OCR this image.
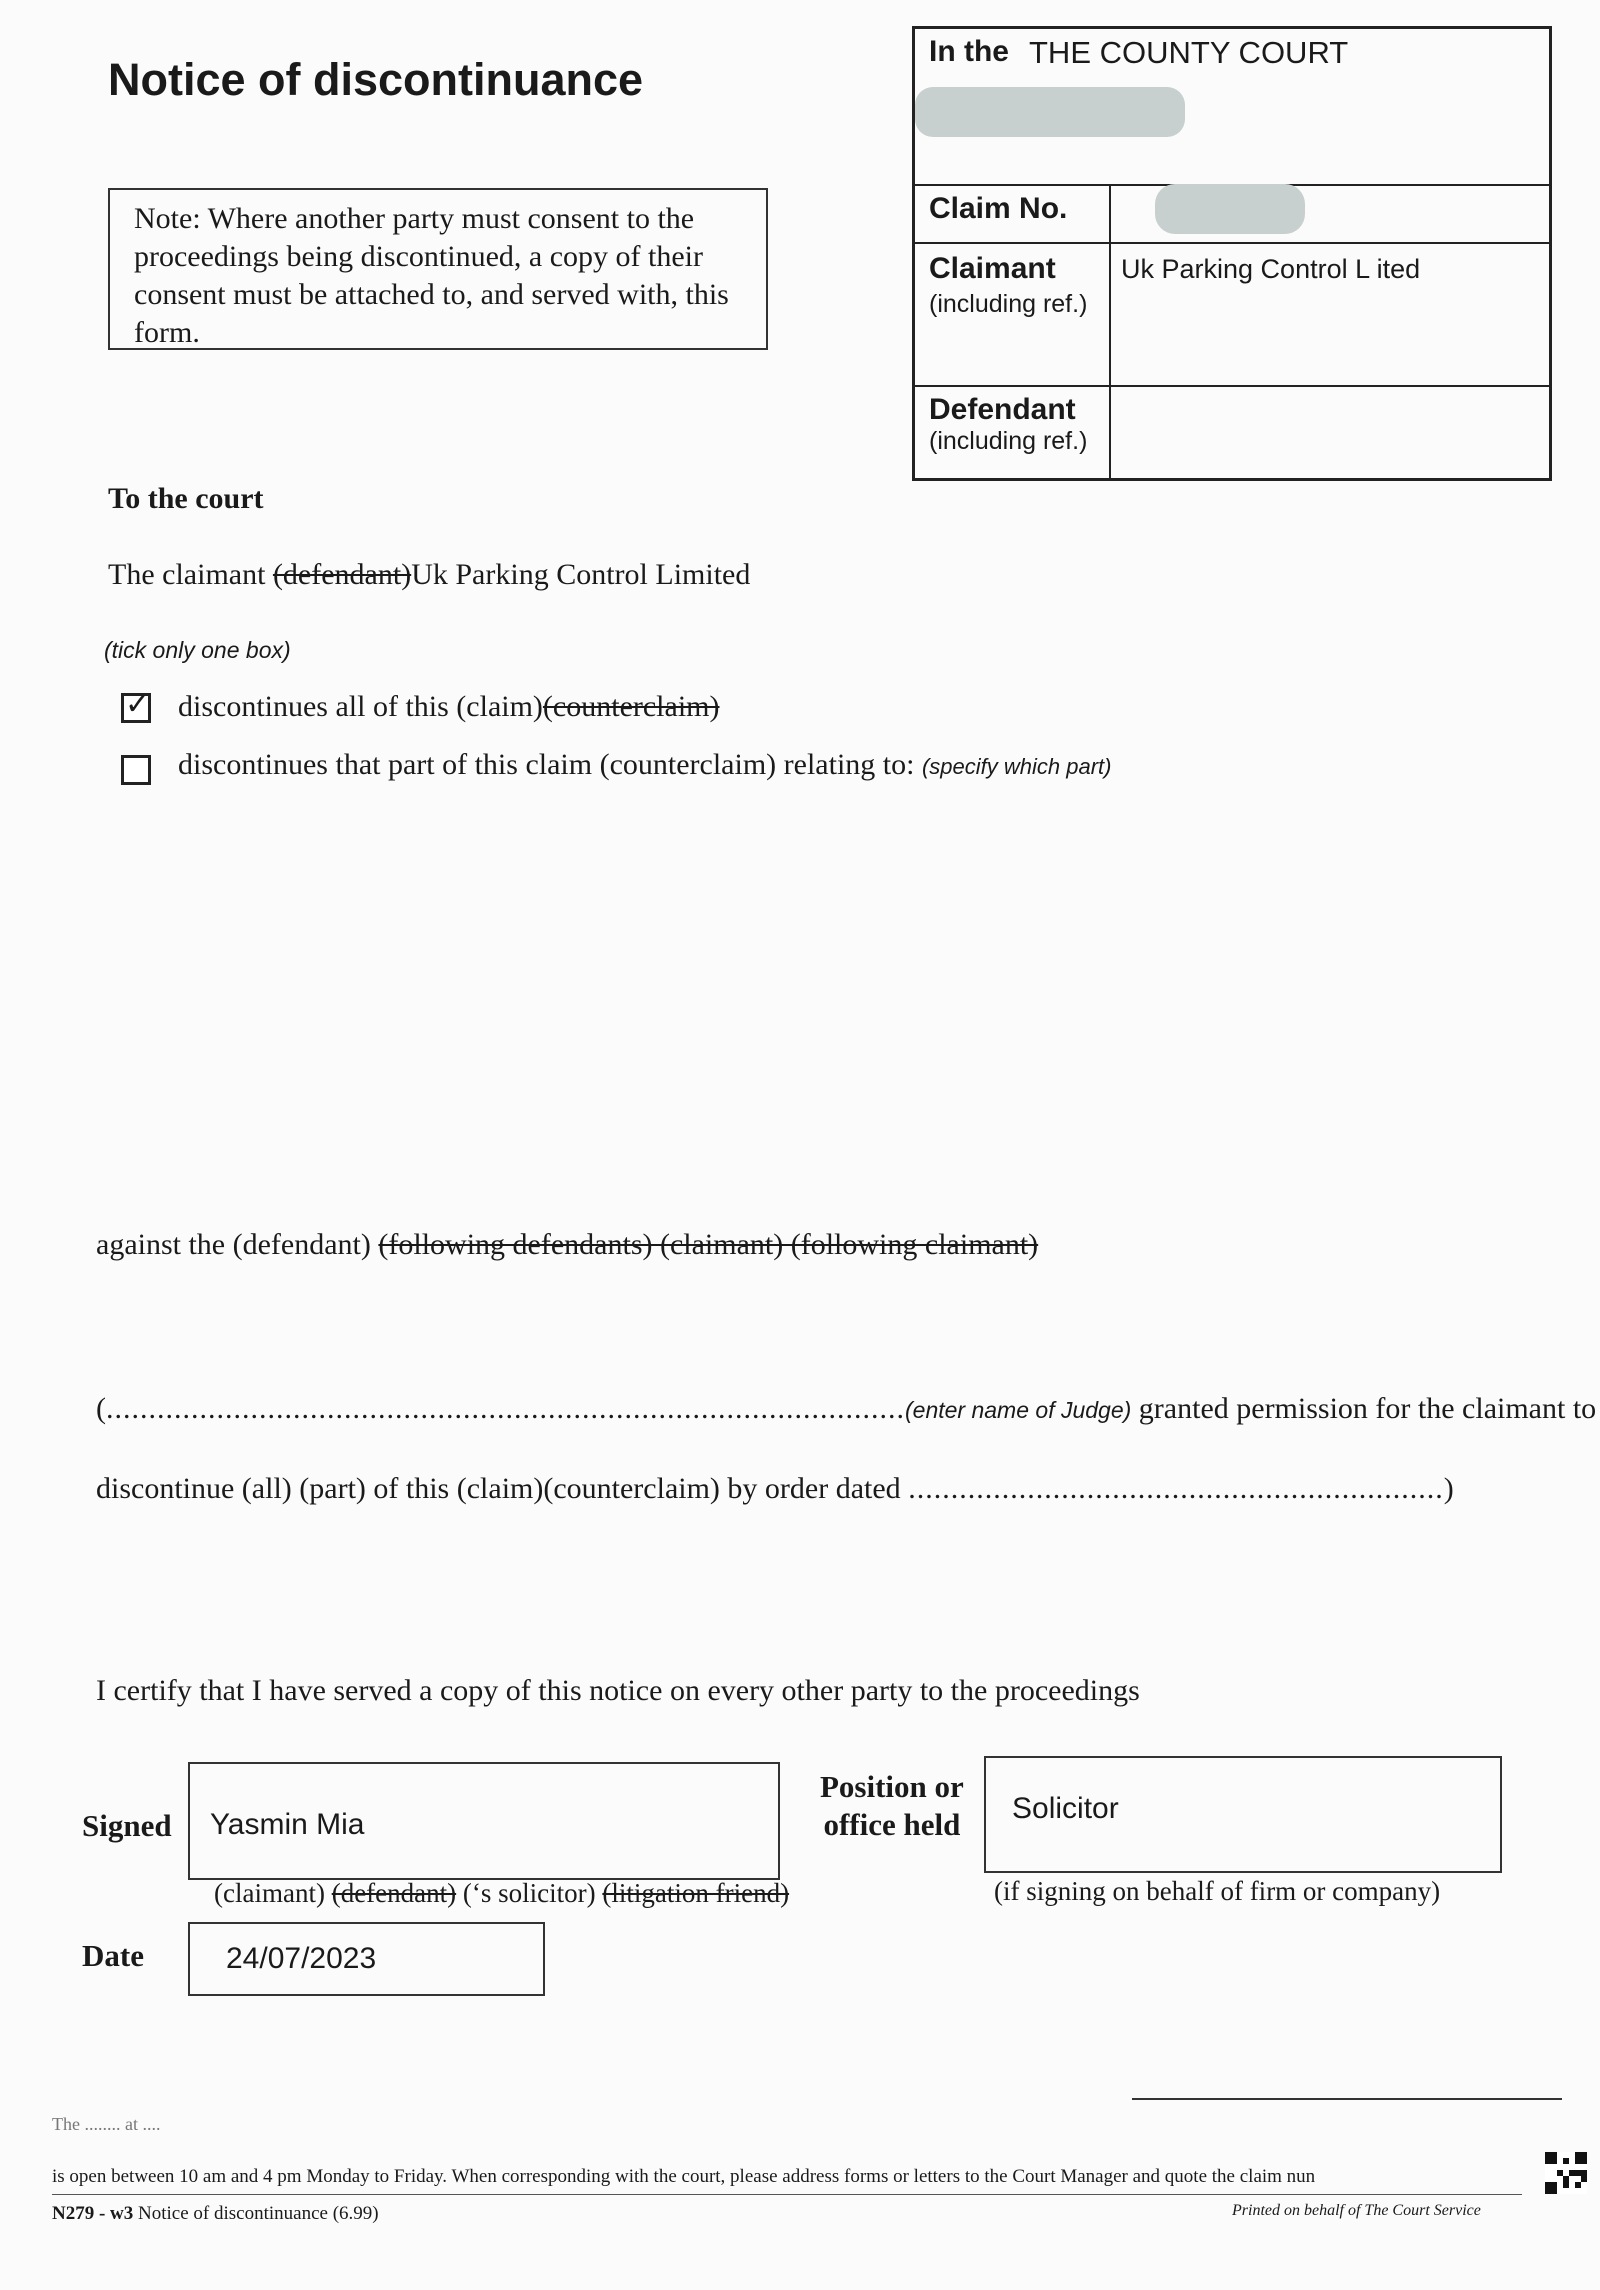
Notice of discontinuance
Note: Where another party must consent to the proceedings being discontinued, a copy of their consent must be attached to, and served with, this form.
In the THE COUNTY COURT
Claim No.
Claimant
(including ref.)
Uk Parking Control L ited
Defendant
(including ref.)
To the court
The claimant (defendant)Uk Parking Control Limited
(tick only one box)
✓ discontinues all of this (claim)(counterclaim)
discontinues that part of this claim (counterclaim) relating to: (specify which part)
against the (defendant) (following defendants) (claimant) (following claimant)
(..............................................................................................(enter name of Judge) granted permission for the claimant to
discontinue (all) (part) of this (claim)(counterclaim) by order dated ...............................................................)
I certify that I have served a copy of this notice on every other party to the proceedings
Signed Yasmin Mia
(claimant) (defendant) (‘s solicitor) (litigation friend)
Position or
office held Solicitor
(if signing on behalf of firm or company)
Date	24/07/2023
The ........ at ....
is open between 10 am and 4 pm Monday to Friday. When corresponding with the court, please address forms or letters to the Court Manager and quote the claim nun
N279 - w3 Notice of discontinuance (6.99)	Printed on behalf of The Court Service
